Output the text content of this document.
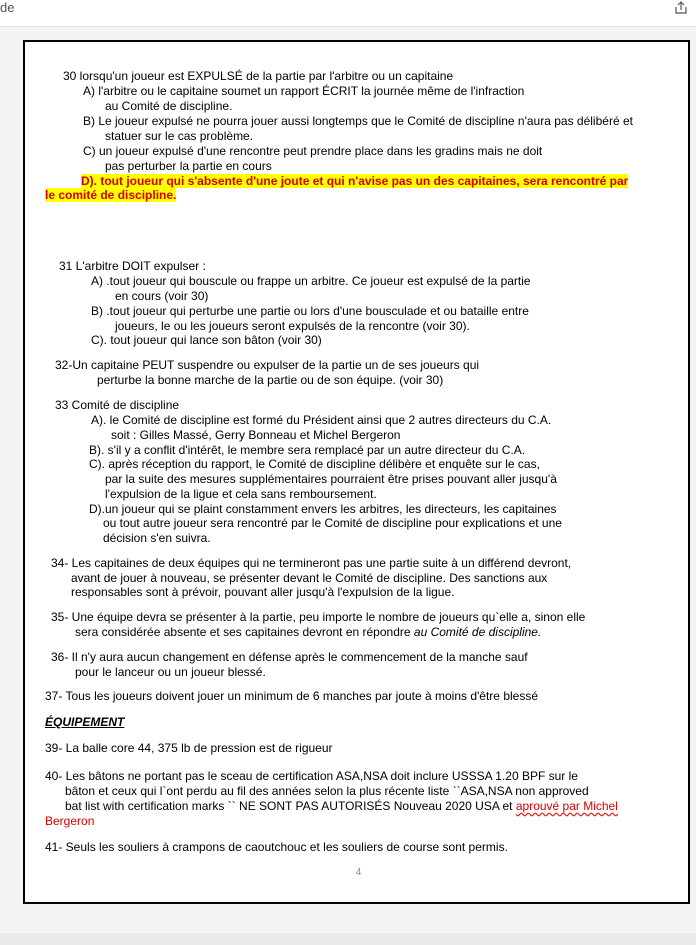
de
30 lorsqu'un joueur est EXPULSÉ de la partie par l'arbitre ou un capitaine
A) l'arbitre ou le capitaine soumet un rapport ÉCRIT la journée même de l'infraction
au Comité de discipline.
B) Le joueur expulsé ne pourra jouer aussi longtemps que le Comité de discipline n'aura pas délibéré et
statuer sur le cas problème.
C) un joueur expulsé d'une rencontre peut prendre place dans les gradins mais ne doit
pas perturber la partie en cours
D). tout joueur qui s'absente d'une joute et qui n'avise pas un des capitaines, sera rencontré par
le comité de discipline.
31 L'arbitre DOIT expulser :
A) .tout joueur qui bouscule ou frappe un arbitre. Ce joueur est expulsé de la partie
en cours (voir 30)
B) .tout joueur qui perturbe une partie ou lors d'une bousculade et ou bataille entre
joueurs, le ou les joueurs seront expulsés de la rencontre (voir 30).
C). tout joueur qui lance son bâton (voir 30)
32-Un capitaine PEUT suspendre ou expulser de la partie un de ses joueurs qui
perturbe la bonne marche de la partie ou de son équipe. (voir 30)
33 Comité de discipline
A). le Comité de discipline est formé du Président ainsi que 2 autres directeurs du C.A.
soit : Gilles Massé, Gerry Bonneau et Michel Bergeron
B). s'il y a conflit d'intérêt, le membre sera remplacé par un autre directeur du C.A.
C). après réception du rapport, le Comité de discipline délibère et enquête sur le cas,
par la suite des mesures supplémentaires pourraient être prises pouvant aller jusqu'à
l'expulsion de la ligue et cela sans remboursement.
D).un joueur qui se plaint constamment envers les arbitres, les directeurs, les capitaines
ou tout autre joueur sera rencontré par le Comité de discipline pour explications et une
décision s'en suivra.
34- Les capitaines de deux équipes qui ne termineront pas une partie suite à un différend devront,
avant de jouer à nouveau, se présenter devant le Comité de discipline. Des sanctions aux
responsables sont à prévoir, pouvant aller jusqu'à l'expulsion de la ligue.
35- Une équipe devra se présenter à la partie, peu importe le nombre de joueurs qu`elle a, sinon elle
sera considérée absente et ses capitaines devront en répondre au Comité de discipline.
36- Il n'y aura aucun changement en défense après le commencement de la manche sauf
pour le lanceur ou un joueur blessé.
37- Tous les joueurs doivent jouer un minimum de 6 manches par joute à moins d'être blessé
ÉQUIPEMENT
39- La balle core 44, 375 lb de pression est de rigueur
40- Les bâtons ne portant pas le sceau de certification ASA,NSA doit inclure USSSA 1.20 BPF sur le
bâton et ceux qui l`ont perdu au fil des années selon la plus récente liste ``ASA,NSA non approved
bat list with certification marks `` NE SONT PAS AUTORISÉS Nouveau 2020 USA et aprouvé par Michel
Bergeron
41- Seuls les souliers à crampons de caoutchouc et les souliers de course sont permis.
4
